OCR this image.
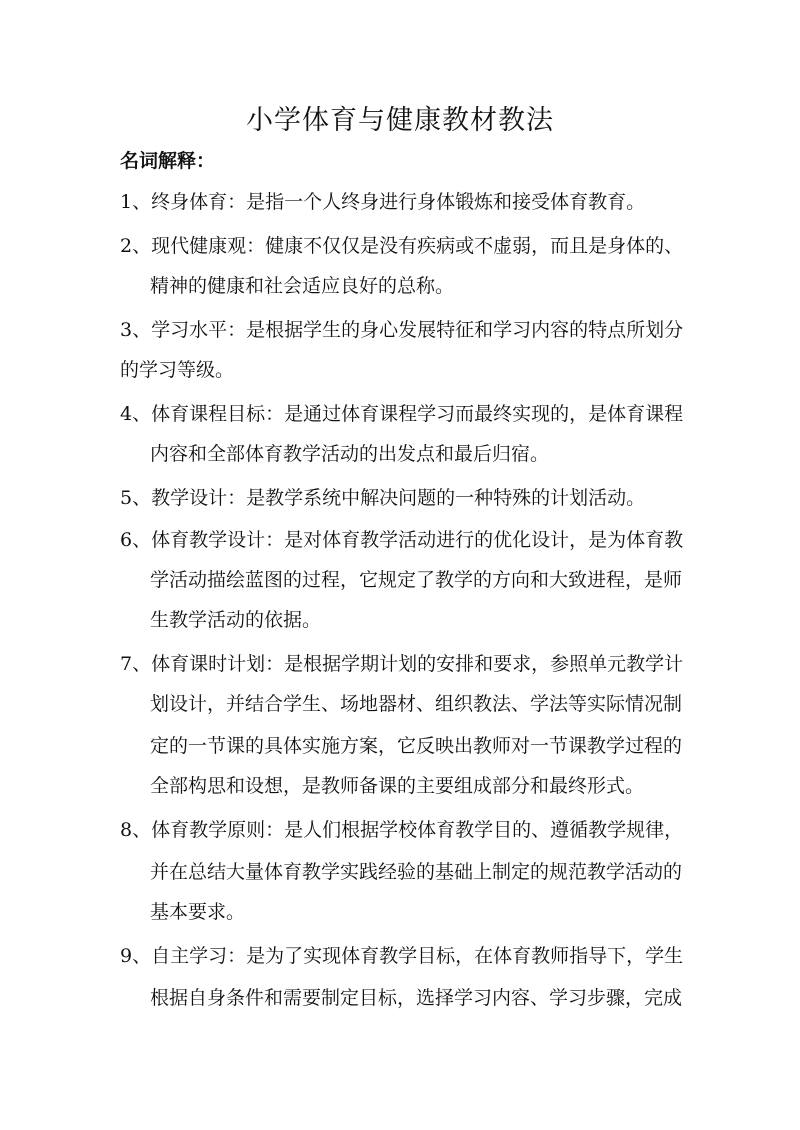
小学体育与健康教材教法
名词解释：

1、终身体育：是指一个人终身进行身体锻炼和接受体育教育。

2、现代健康观：健康不仅仅是没有疾病或不虚弱，而且是身体的、

精神的健康和社会适应良好的总称。

3、学习水平：是根据学生的身心发展特征和学习内容的特点所划分

的学习等级。

4、体育课程目标：是通过体育课程学习而最终实现的，是体育课程

内容和全部体育教学活动的出发点和最后归宿。

5、教学设计：是教学系统中解决问题的一种特殊的计划活动。

6、体育教学设计：是对体育教学活动进行的优化设计，是为体育教

学活动描绘蓝图的过程，它规定了教学的方向和大致进程，是师

生教学活动的依据。

7、体育课时计划：是根据学期计划的安排和要求，参照单元教学计

划设计，并结合学生、场地器材、组织教法、学法等实际情况制

定的一节课的具体实施方案，它反映出教师对一节课教学过程的

全部构思和设想，是教师备课的主要组成部分和最终形式。

8、体育教学原则：是人们根据学校体育教学目的、遵循教学规律，

并在总结大量体育教学实践经验的基础上制定的规范教学活动的

基本要求。

9、自主学习：是为了实现体育教学目标，在体育教师指导下，学生

根据自身条件和需要制定目标，选择学习内容、学习步骤，完成
